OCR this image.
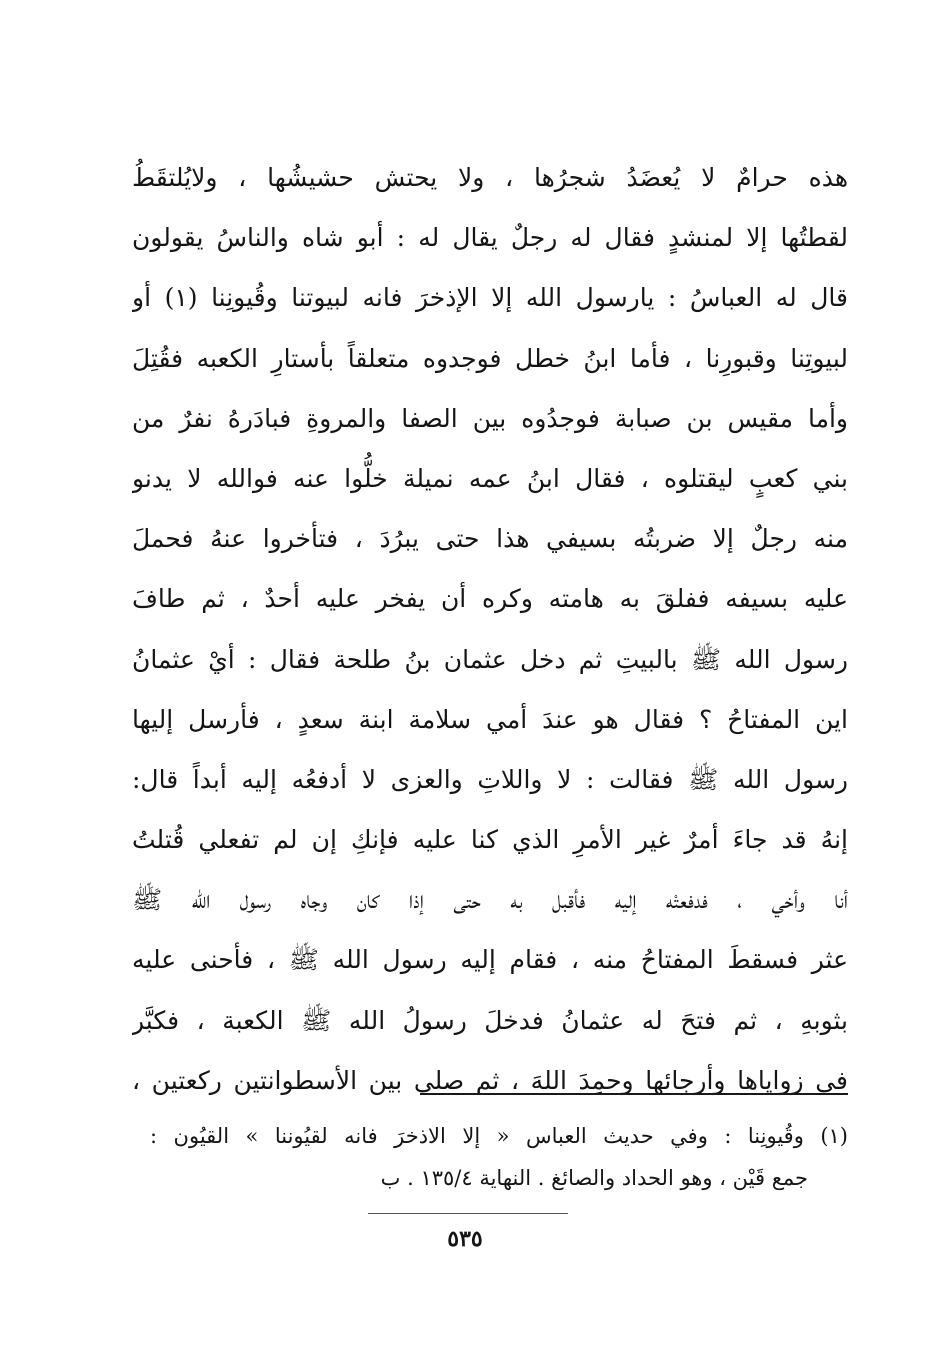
هذه حرامٌ لا يُعضَدُ شجرُها ، ولا يحتش حشيشُها ، ولايُلتقَطُ
لقطتُها إلا لمنشدٍ فقال له رجلٌ يقال له : أبو شاه والناسُ يقولون
قال له العباسُ : يارسول الله إلا الإذخرَ فانه لبيوتنا وقُيونِنا (١) أو
لبيوتِنا وقبورِنا ، فأما ابنُ خطل فوجدوه متعلقاً بأستارِ الكعبه فقُتِلَ
وأما مقيس بن صبابة فوجدُوه بين الصفا والمروةِ فبادَرهُ نفرٌ من
بني كعبٍ ليقتلوه ، فقال ابنُ عمه نميلة خلُّوا عنه فوالله لا يدنو
منه رجلٌ إلا ضربتُه بسيفي هذا حتى يبرُدَ ، فتأخروا عنهُ فحملَ
عليه بسيفه ففلقَ به هامته وكره أن يفخر عليه أحدٌ ، ثم طافَ
رسول الله ﷺ بالبيتِ ثم دخل عثمان بنُ طلحة فقال : أيْ عثمانُ
اين المفتاحُ ؟ فقال هو عندَ أمي سلامة ابنة سعدٍ ، فأرسل إليها
رسول الله ﷺ فقالت : لا واللاتِ والعزى لا أدفعُه إليه أبداً قال:
إنهُ قد جاءَ أمرٌ غير الأمرِ الذي كنا عليه فإنكِ إن لم تفعلي قُتلتُ
أنا وأخي ، فدفعتْه إليه فأقبل به حتى إذا كان وجاه رسول الله ﷺ
عثر فسقطَ المفتاحُ منه ، فقام إليه رسول الله ﷺ ، فأحنى عليه
بثوبهِ ، ثم فتحَ له عثمانُ فدخلَ رسولُ الله ﷺ الكعبة ، فكبَّر
في زواياها وأرجائها وحمِدَ اللهَ ، ثم صلى بين الأسطوانتين ركعتين ،
(١) وقُيونِنا : وفي حديث العباس « إلا الاذخرَ فانه لقيُوننا » القيُون :
جمع قَيْن ، وهو الحداد والصائغ . النهاية ١٣٥/٤ . ب
٥٣٥
